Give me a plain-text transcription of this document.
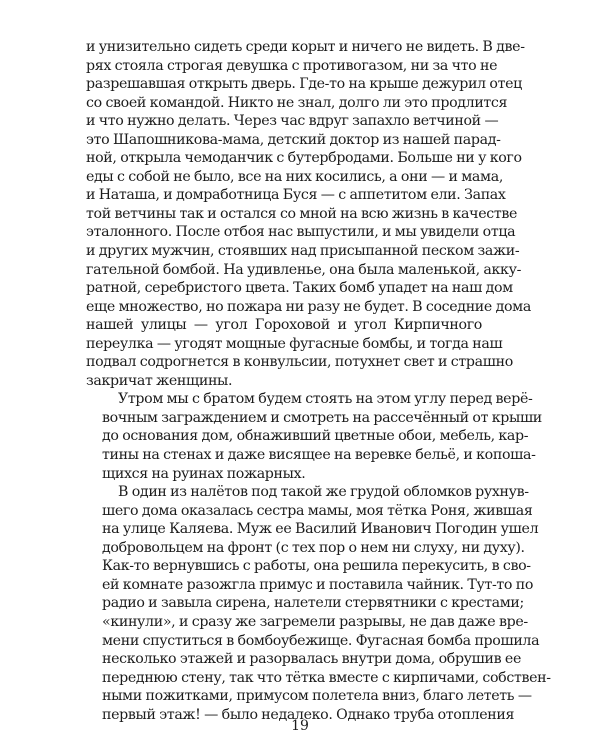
и унизительно сидеть среди корыт и ничего не видеть. В две-
рях стояла строгая девушка с противогазом, ни за что не
разрешавшая открыть дверь. Где-то на крыше дежурил отец
со своей командой. Никто не знал, долго ли это продлится
и что нужно делать. Через час вдруг запахло ветчиной —
это Шапошникова-мама, детский доктор из нашей парад-
ной, открыла чемоданчик с бутербродами. Больше ни у кого
еды с собой не было, все на них косились, а они — и мама,
и Наташа, и домработница Буся — с аппетитом ели. Запах
той ветчины так и остался со мной на всю жизнь в качестве
эталонного. После отбоя нас выпустили, и мы увидели отца
и других мужчин, стоявших над присыпанной песком зажи-
гательной бомбой. На удивленье, она была маленькой, акку-
ратной, серебристого цвета. Таких бомб упадет на наш дом
еще множество, но пожара ни разу не будет. В соседние дома
нашей улицы — угол Гороховой и угол Кирпичного
переулка — угодят мощные фугасные бомбы, и тогда наш
подвал содрогнется в конвульсии, потухнет свет и страшно
закричат женщины.
Утром мы с братом будем стоять на этом углу перед верё-
вочным заграждением и смотреть на рассечённый от крыши
до основания дом, обнаживший цветные обои, мебель, кар-
тины на стенах и даже висящее на веревке бельё, и копоша-
щихся на руинах пожарных.
В один из налётов под такой же грудой обломков рухнув-
шего дома оказалась сестра мамы, моя тётка Роня, жившая
на улице Каляева. Муж ее Василий Иванович Погодин ушел
добровольцем на фронт (с тех пор о нем ни слуху, ни духу).
Как-то вернувшись с работы, она решила перекусить, в сво-
ей комнате разожгла примус и поставила чайник. Тут-то по
радио и завыла сирена, налетели стервятники с крестами;
«кинули», и сразу же загремели разрывы, не дав даже вре-
мени спуститься в бомбоубежище. Фугасная бомба прошила
несколько этажей и разорвалась внутри дома, обрушив ее
переднюю стену, так что тётка вместе с кирпичами, собствен-
ными пожитками, примусом полетела вниз, благо лететь —
первый этаж! — было недалеко. Однако труба отопления
19
